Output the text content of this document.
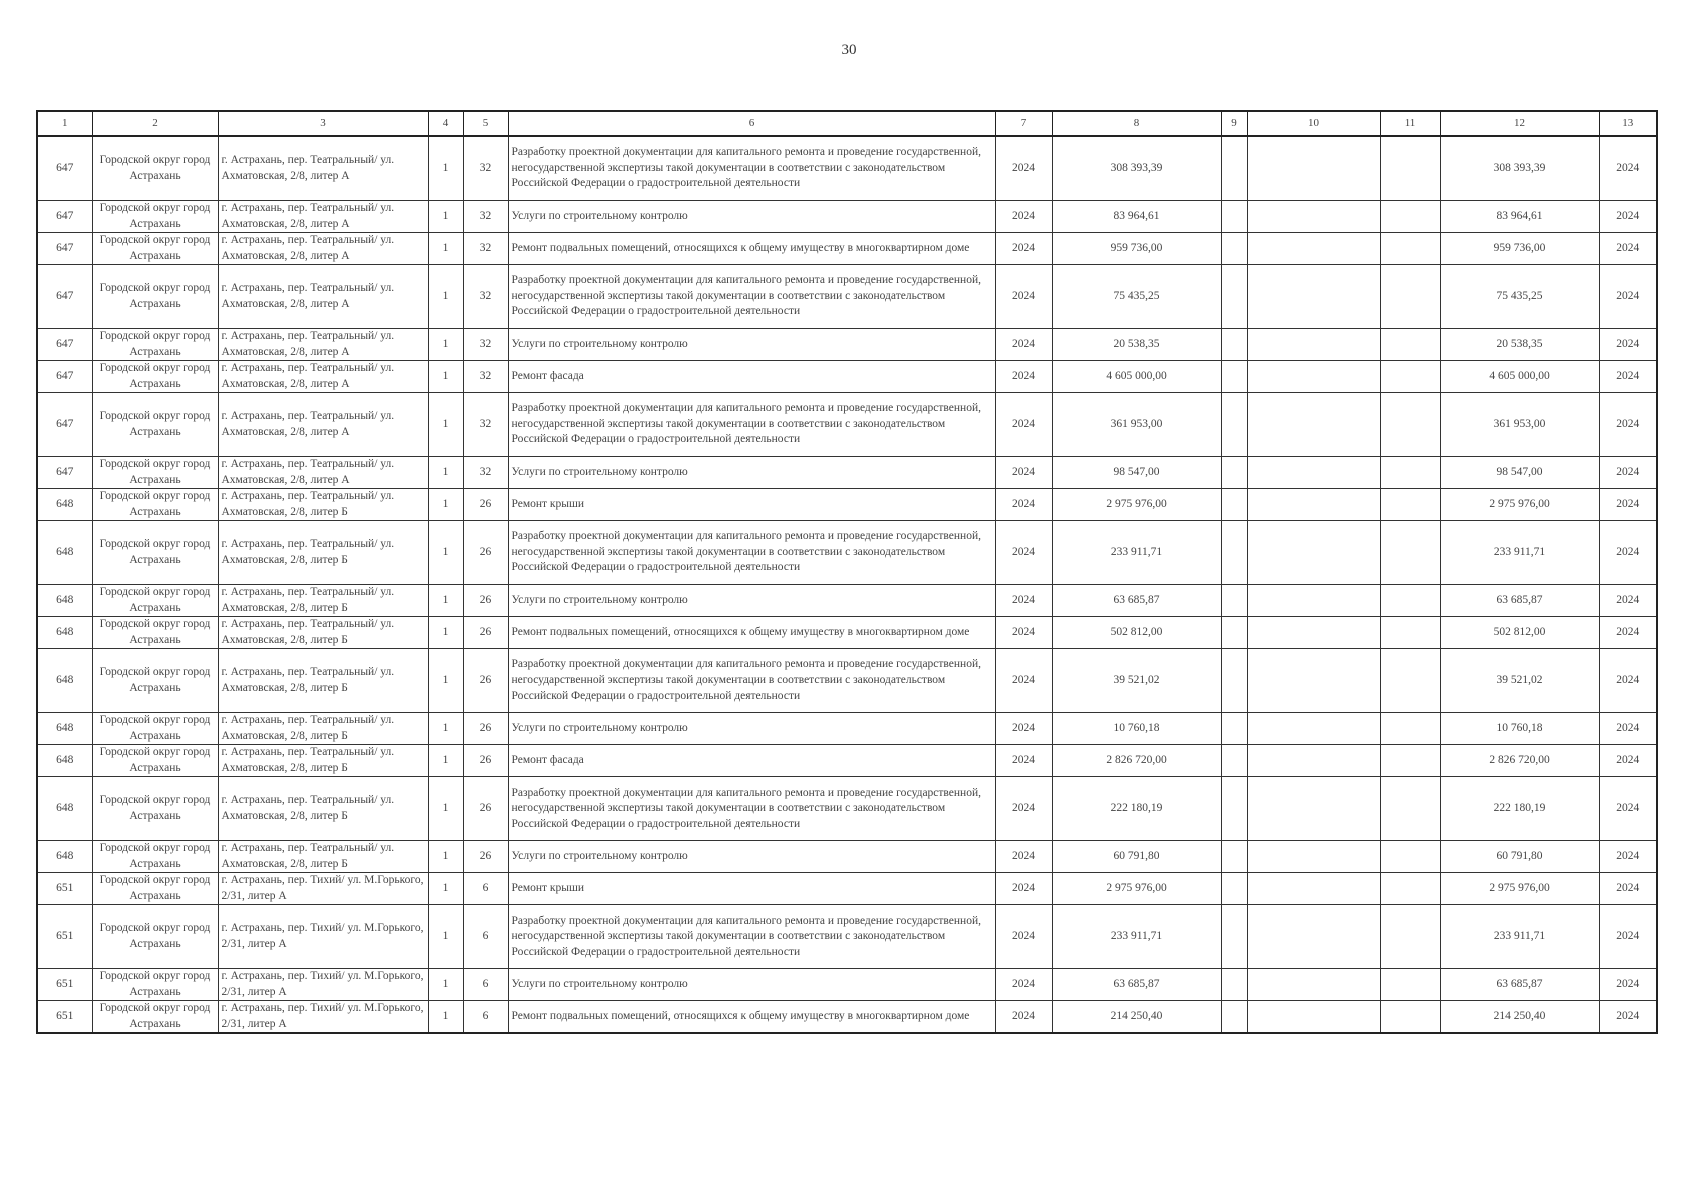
30
1	2	3	4	5	6	7	8	9	10	11	12	13
647	Городской округ город Астрахань	г. Астрахань, пер. Театральный/ ул. Ахматовская, 2/8, литер А	1	32	Разработку проектной документации для капитального ремонта и проведение государственной, негосударственной экспертизы такой документации в соответствии с законодательством Российской Федерации о градостроительной деятельности	2024	308 393,39				308 393,39	2024
647	Городской округ город Астрахань	г. Астрахань, пер. Театральный/ ул. Ахматовская, 2/8, литер А	1	32	Услуги по строительному контролю	2024	83 964,61				83 964,61	2024
647	Городской округ город Астрахань	г. Астрахань, пер. Театральный/ ул. Ахматовская, 2/8, литер А	1	32	Ремонт подвальных помещений, относящихся к общему имуществу в многоквартирном доме	2024	959 736,00				959 736,00	2024
647	Городской округ город Астрахань	г. Астрахань, пер. Театральный/ ул. Ахматовская, 2/8, литер А	1	32	Разработку проектной документации для капитального ремонта и проведение государственной, негосударственной экспертизы такой документации в соответствии с законодательством Российской Федерации о градостроительной деятельности	2024	75 435,25				75 435,25	2024
647	Городской округ город Астрахань	г. Астрахань, пер. Театральный/ ул. Ахматовская, 2/8, литер А	1	32	Услуги по строительному контролю	2024	20 538,35				20 538,35	2024
647	Городской округ город Астрахань	г. Астрахань, пер. Театральный/ ул. Ахматовская, 2/8, литер А	1	32	Ремонт фасада	2024	4 605 000,00				4 605 000,00	2024
647	Городской округ город Астрахань	г. Астрахань, пер. Театральный/ ул. Ахматовская, 2/8, литер А	1	32	Разработку проектной документации для капитального ремонта и проведение государственной, негосударственной экспертизы такой документации в соответствии с законодательством Российской Федерации о градостроительной деятельности	2024	361 953,00				361 953,00	2024
647	Городской округ город Астрахань	г. Астрахань, пер. Театральный/ ул. Ахматовская, 2/8, литер А	1	32	Услуги по строительному контролю	2024	98 547,00				98 547,00	2024
648	Городской округ город Астрахань	г. Астрахань, пер. Театральный/ ул. Ахматовская, 2/8, литер Б	1	26	Ремонт крыши	2024	2 975 976,00				2 975 976,00	2024
648	Городской округ город Астрахань	г. Астрахань, пер. Театральный/ ул. Ахматовская, 2/8, литер Б	1	26	Разработку проектной документации для капитального ремонта и проведение государственной, негосударственной экспертизы такой документации в соответствии с законодательством Российской Федерации о градостроительной деятельности	2024	233 911,71				233 911,71	2024
648	Городской округ город Астрахань	г. Астрахань, пер. Театральный/ ул. Ахматовская, 2/8, литер Б	1	26	Услуги по строительному контролю	2024	63 685,87				63 685,87	2024
648	Городской округ город Астрахань	г. Астрахань, пер. Театральный/ ул. Ахматовская, 2/8, литер Б	1	26	Ремонт подвальных помещений, относящихся к общему имуществу в многоквартирном доме	2024	502 812,00				502 812,00	2024
648	Городской округ город Астрахань	г. Астрахань, пер. Театральный/ ул. Ахматовская, 2/8, литер Б	1	26	Разработку проектной документации для капитального ремонта и проведение государственной, негосударственной экспертизы такой документации в соответствии с законодательством Российской Федерации о градостроительной деятельности	2024	39 521,02				39 521,02	2024
648	Городской округ город Астрахань	г. Астрахань, пер. Театральный/ ул. Ахматовская, 2/8, литер Б	1	26	Услуги по строительному контролю	2024	10 760,18				10 760,18	2024
648	Городской округ город Астрахань	г. Астрахань, пер. Театральный/ ул. Ахматовская, 2/8, литер Б	1	26	Ремонт фасада	2024	2 826 720,00				2 826 720,00	2024
648	Городской округ город Астрахань	г. Астрахань, пер. Театральный/ ул. Ахматовская, 2/8, литер Б	1	26	Разработку проектной документации для капитального ремонта и проведение государственной, негосударственной экспертизы такой документации в соответствии с законодательством Российской Федерации о градостроительной деятельности	2024	222 180,19				222 180,19	2024
648	Городской округ город Астрахань	г. Астрахань, пер. Театральный/ ул. Ахматовская, 2/8, литер Б	1	26	Услуги по строительному контролю	2024	60 791,80				60 791,80	2024
651	Городской округ город Астрахань	г. Астрахань, пер. Тихий/ ул. М.Горького, 2/31, литер А	1	6	Ремонт крыши	2024	2 975 976,00				2 975 976,00	2024
651	Городской округ город Астрахань	г. Астрахань, пер. Тихий/ ул. М.Горького, 2/31, литер А	1	6	Разработку проектной документации для капитального ремонта и проведение государственной, негосударственной экспертизы такой документации в соответствии с законодательством Российской Федерации о градостроительной деятельности	2024	233 911,71				233 911,71	2024
651	Городской округ город Астрахань	г. Астрахань, пер. Тихий/ ул. М.Горького, 2/31, литер А	1	6	Услуги по строительному контролю	2024	63 685,87				63 685,87	2024
651	Городской округ город Астрахань	г. Астрахань, пер. Тихий/ ул. М.Горького, 2/31, литер А	1	6	Ремонт подвальных помещений, относящихся к общему имуществу в многоквартирном доме	2024	214 250,40				214 250,40	2024
